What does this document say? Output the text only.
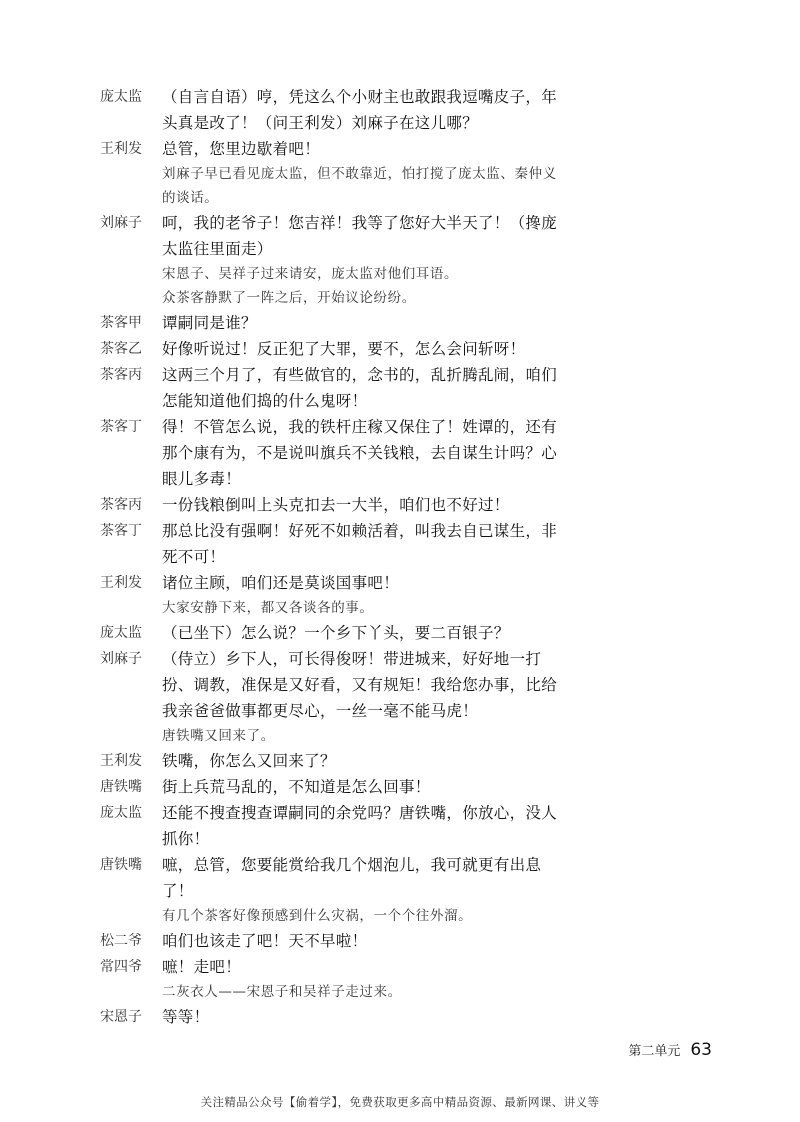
庞太监	（自言自语）哼，凭这么个小财主也敢跟我逗嘴皮子，年头真是改了！（问王利发）刘麻子在这儿哪？
王利发	总管，您里边歇着吧！
刘麻子早已看见庞太监，但不敢靠近，怕打搅了庞太监、秦仲义的谈话。
刘麻子	呵，我的老爷子！您吉祥！我等了您好大半天了！（搀庞太监往里面走）
宋恩子、吴祥子过来请安，庞太监对他们耳语。
众茶客静默了一阵之后，开始议论纷纷。
茶客甲	谭嗣同是谁？
茶客乙	好像听说过！反正犯了大罪，要不，怎么会问斩呀！
茶客丙	这两三个月了，有些做官的，念书的，乱折腾乱闹，咱们怎能知道他们捣的什么鬼呀！
茶客丁	得！不管怎么说，我的铁杆庄稼又保住了！姓谭的，还有那个康有为，不是说叫旗兵不关钱粮，去自谋生计吗？心眼儿多毒！
茶客丙	一份钱粮倒叫上头克扣去一大半，咱们也不好过！
茶客丁	那总比没有强啊！好死不如赖活着，叫我去自已谋生，非死不可！
王利发	诸位主顾，咱们还是莫谈国事吧！
大家安静下来，都又各谈各的事。
庞太监	（已坐下）怎么说？一个乡下丫头，要二百银子？
刘麻子	（侍立）乡下人，可长得俊呀！带进城来，好好地一打扮、调教，准保是又好看，又有规矩！我给您办事，比给我亲爸爸做事都更尽心，一丝一毫不能马虎！
唐铁嘴又回来了。
王利发	铁嘴，你怎么又回来了？
唐铁嘴	街上兵荒马乱的，不知道是怎么回事！
庞太监	还能不搜查搜查谭嗣同的余党吗？唐铁嘴，你放心，没人抓你！
唐铁嘴	嗻，总管，您要能赏给我几个烟泡儿，我可就更有出息了！
有几个茶客好像预感到什么灾祸，一个个往外溜。
松二爷	咱们也该走了吧！天不早啦！
常四爷	嗻！走吧！
二灰衣人——宋恩子和吴祥子走过来。
宋恩子	等等！
第二单元 63
关注精品公众号【偷着学】，免费获取更多高中精品资源、最新网课、讲义等
